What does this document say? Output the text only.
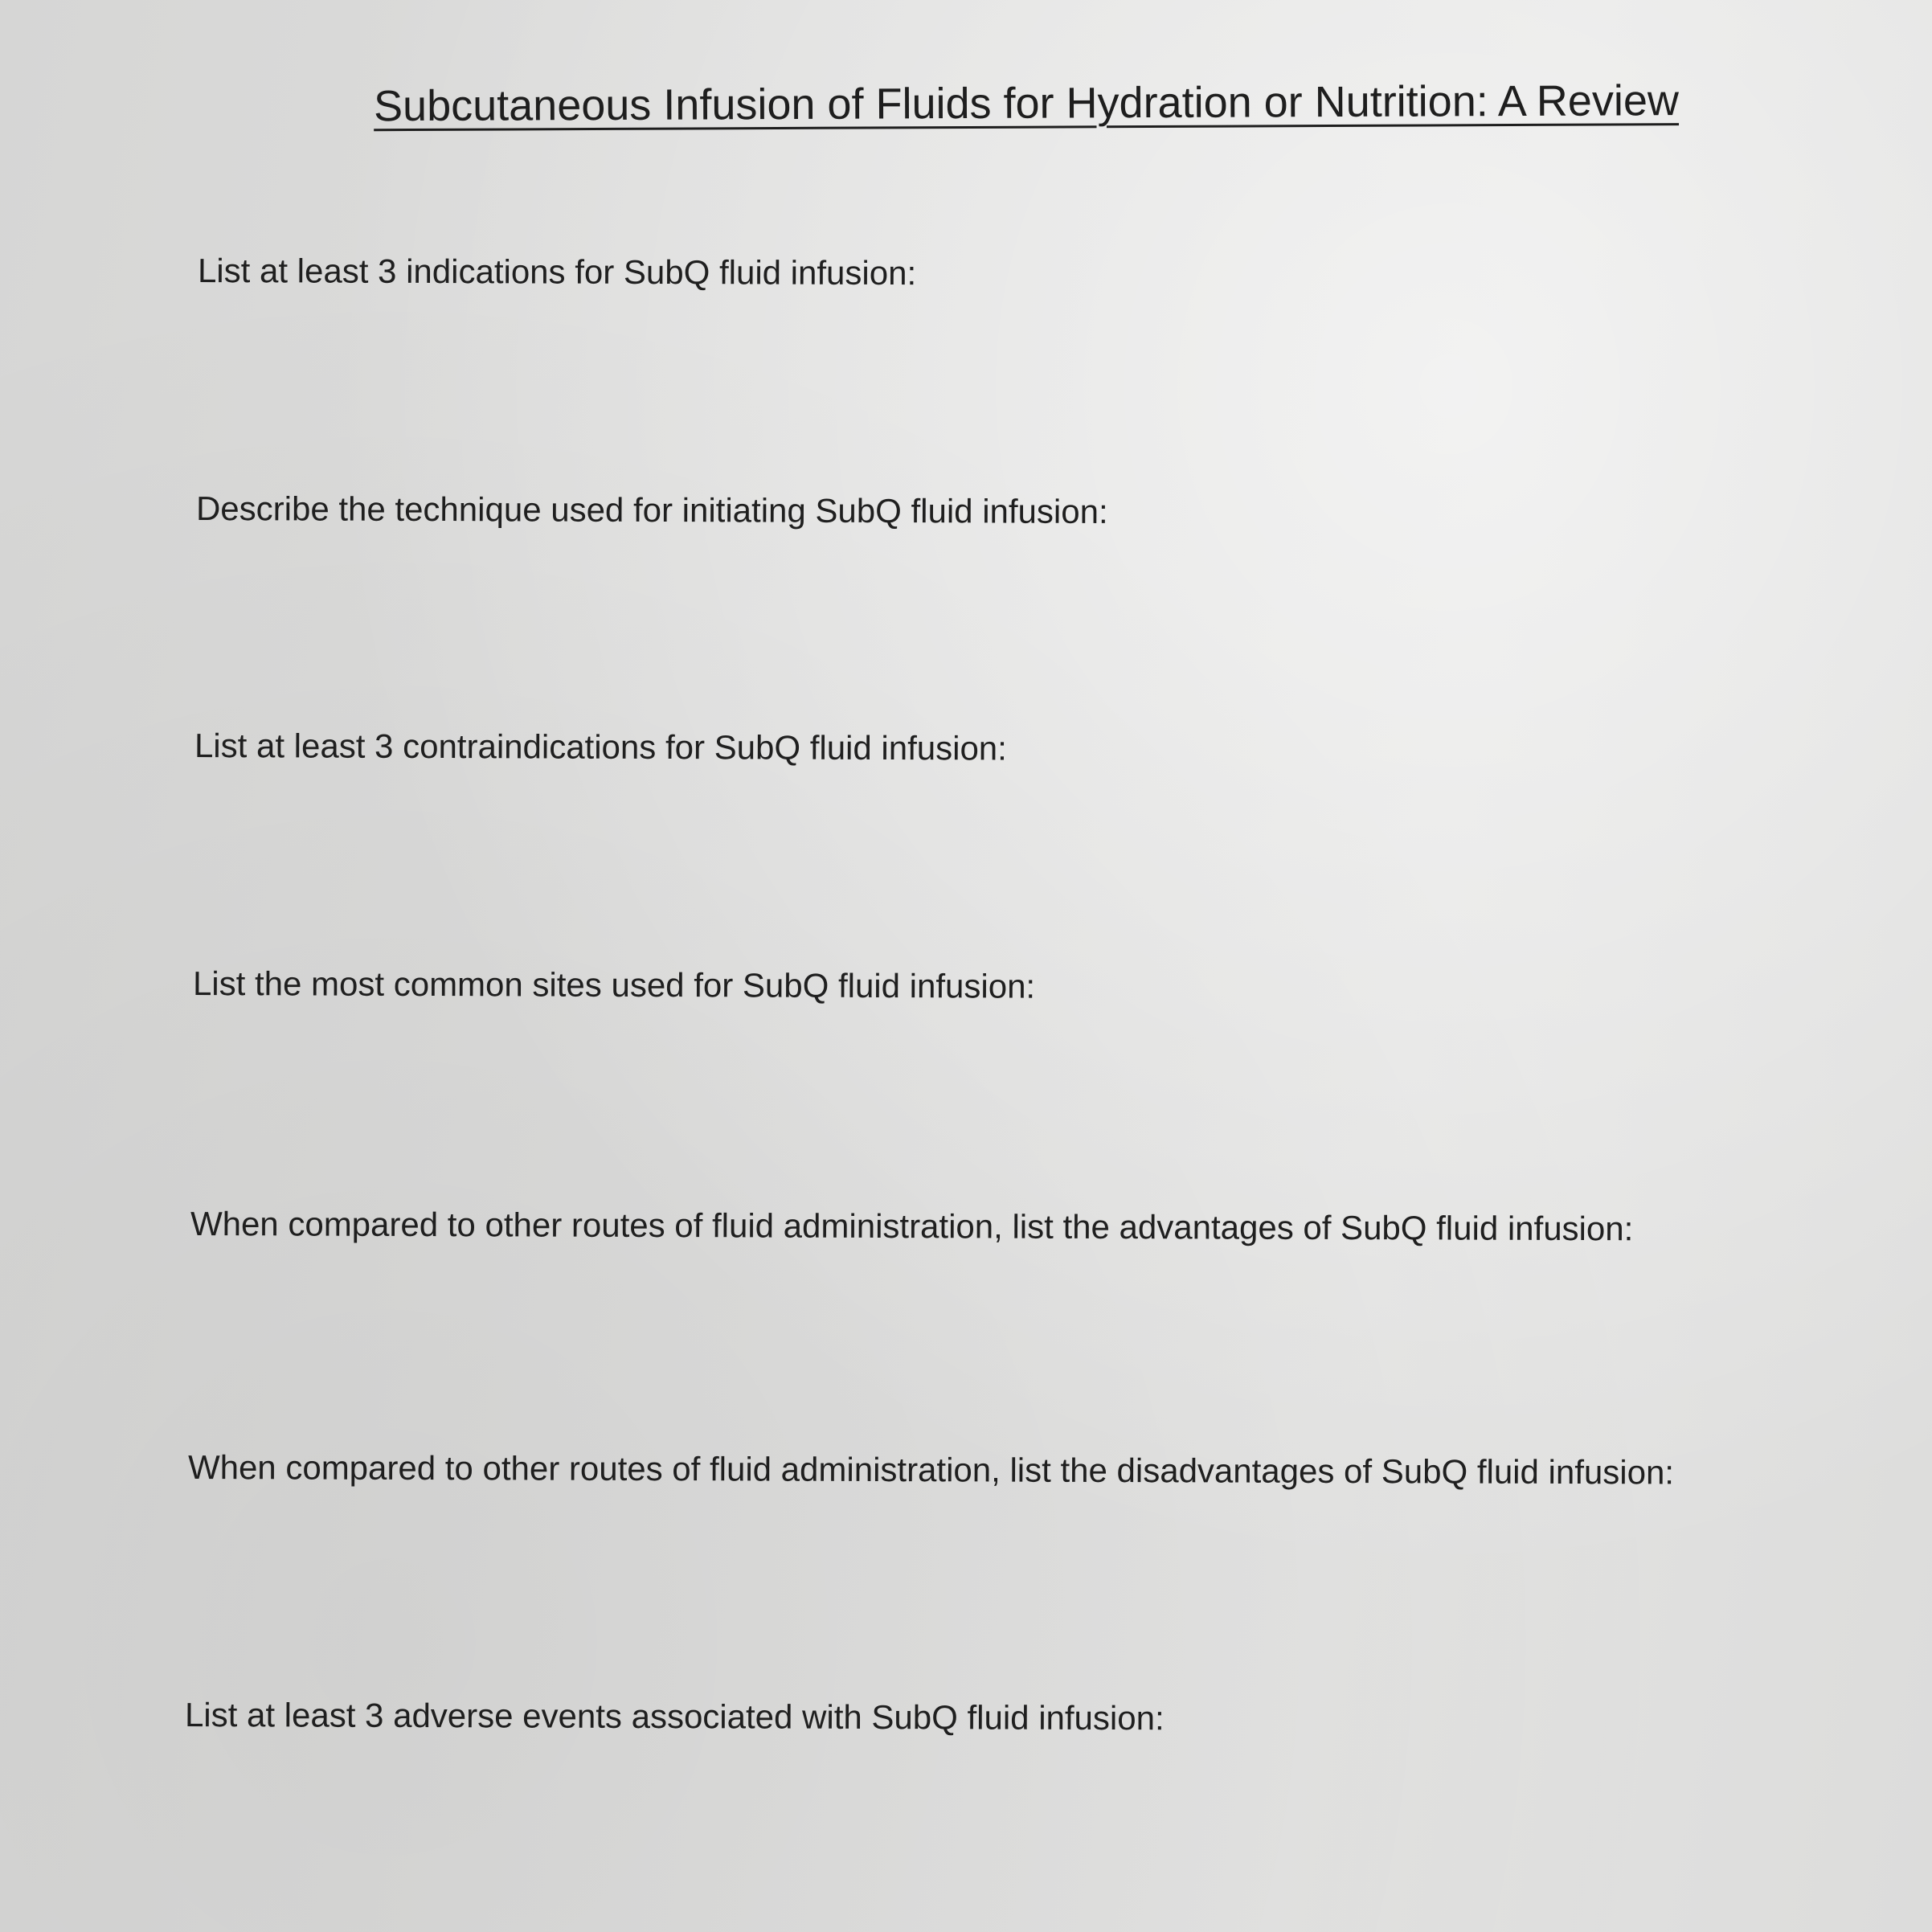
Subcutaneous Infusion of Fluids for Hydration or Nutrition: A Review
List at least 3 indications for SubQ fluid infusion:
Describe the technique used for initiating SubQ fluid infusion:
List at least 3 contraindications for SubQ fluid infusion:
List the most common sites used for SubQ fluid infusion:
When compared to other routes of fluid administration, list the advantages of SubQ fluid infusion:
When compared to other routes of fluid administration, list the disadvantages of SubQ fluid infusion:
List at least 3 adverse events associated with SubQ fluid infusion:
